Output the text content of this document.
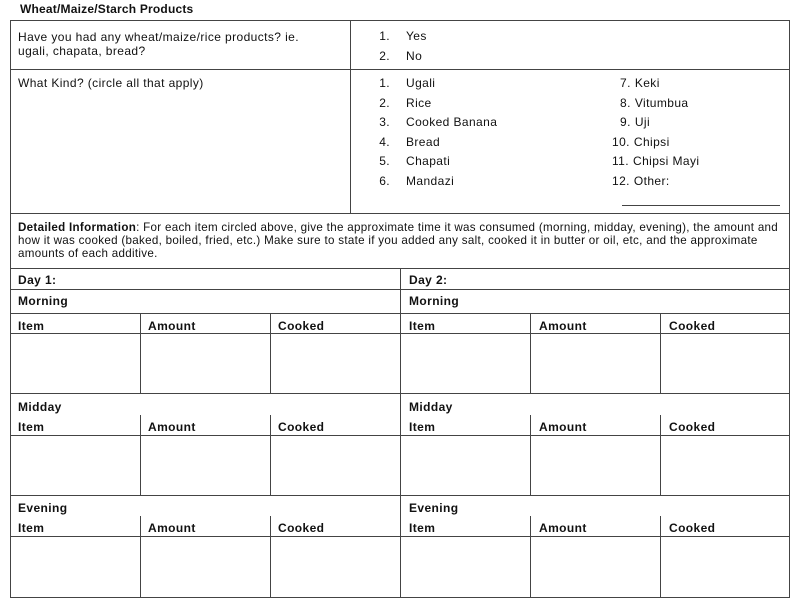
Wheat/Maize/Starch Products
Have you had any wheat/maize/rice products? ie. ugali, chapata, bread?
1. Yes
2. No
What Kind? (circle all that apply)	1. Ugali
2. Rice
3. Cooked Banana
4. Bread
5. Chapati
6. Mandazi
7. Keki
8. Vitumbua
9. Uji
10. Chipsi
11. Chipsi Mayi
12. Other:
Detailed Information: For each item circled above, give the approximate time it was consumed (morning, midday, evening), the amount and how it was cooked (baked, boiled, fried, etc.) Make sure to state if you added any salt, cooked it in butter or oil, etc, and the approximate amounts of each additive.
Day 1:	Day 2:
Morning	Morning
Item	Amount	Cooked	Item	Amount	Cooked
Midday	Midday
Item	Amount	Cooked	Item	Amount	Cooked
Evening	Evening
Item	Amount	Cooked	Item	Amount	Cooked
